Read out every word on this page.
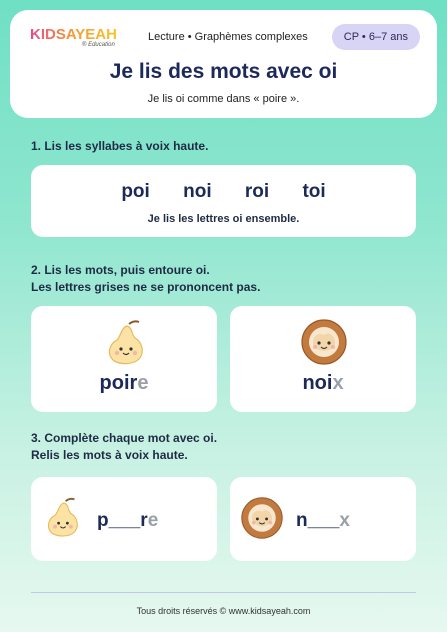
KIDSAYEAH
® Education
Lecture • Graphèmes complexes	CP • 6–7 ans
Je lis des mots avec oi
Je lis oi comme dans « poire ».
1. Lis les syllabes à voix haute.
poi noi roi toi
Je lis les lettres oi ensemble.
2. Lis les mots, puis entoure oi.
Les lettres grises ne se prononcent pas.
poire	noix
3. Complète chaque mot avec oi.
Relis les mots à voix haute.
p___re	n___x
Tous droits réservés © www.kidsayeah.com
